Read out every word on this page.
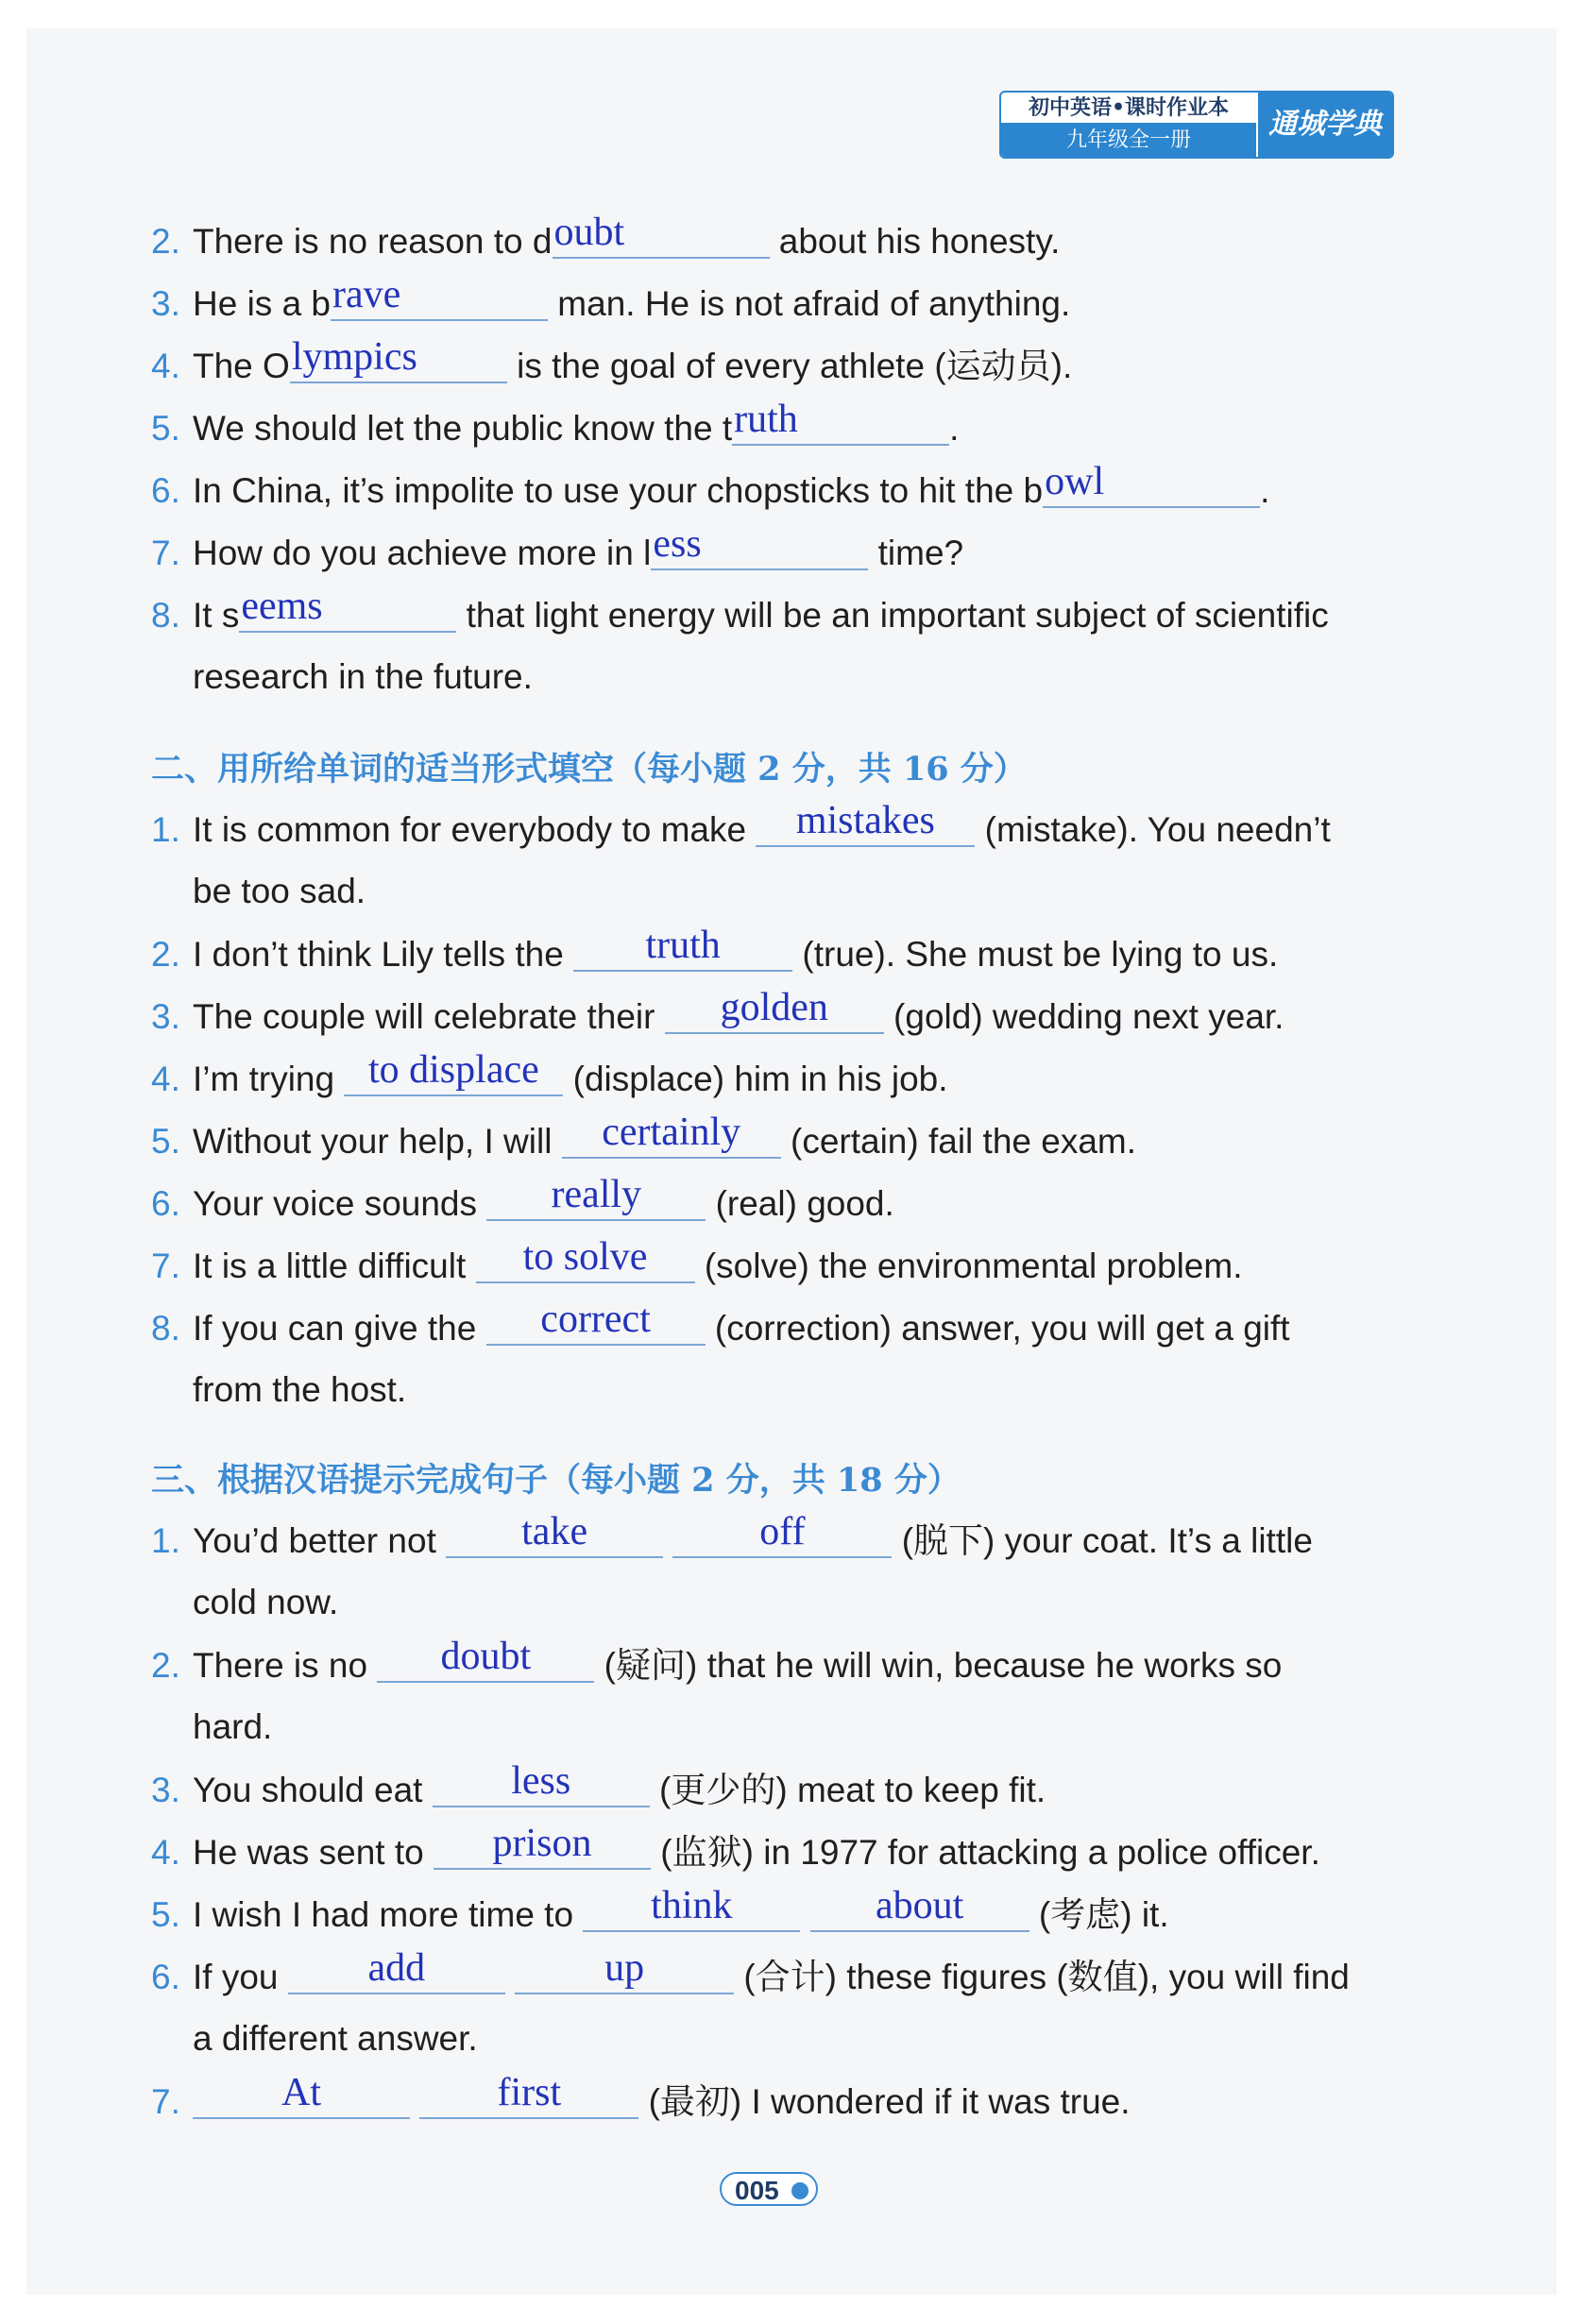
初中英语•课时作业本
九年级全一册	通城学典
2. There is no reason to d oubt	about his honesty.
3. He is a b rave	man. He is not afraid of anything.
4. The O lympics	is the goal of every athlete (运动员).
5. We should let the public know the t ruth	.
6. In China, it’s impolite to use your chopsticks to hit the b owl	.
7. How do you achieve more in l ess	time?
8. It s eems	that light energy will be an important subject of scientific
research in the future.
二、用所给单词的适当形式填空（每小题 2 分，共 16 分）
1. It is common for everybody to make	mistakes	(mistake). You needn’t
be too sad.
2. I don’t think Lily tells the	truth	(true). She must be lying to us.
3. The couple will celebrate their	golden	(gold) wedding next year.
4. I’m trying to displace (displace) him in his job.
5. Without your help, I will	certainly	(certain) fail the exam.
6. Your voice sounds	really	(real) good.
7. It is a little difficult	to solve	(solve) the environmental problem.
8. If you can give the	correct	(correction) answer, you will get a gift
from the host.
三、根据汉语提示完成句子（每小题 2 分，共 18 分）
1. You’d better not	take
	off	(脱下) your coat. It’s a little
cold now.
2. There is no	doubt	(疑问) that he will win, because he works so
hard.
3. You should eat	less	(更少的) meat to keep fit.
4. He was sent to	prison	(监狱) in 1977 for attacking a police officer.
5. I wish I had more time to	think
	about	(考虑) it.
6. If you	add
	up	(合计) these figures (数值), you will find
a different answer.
7.	At
	first	(最初) I wondered if it was true.
005
